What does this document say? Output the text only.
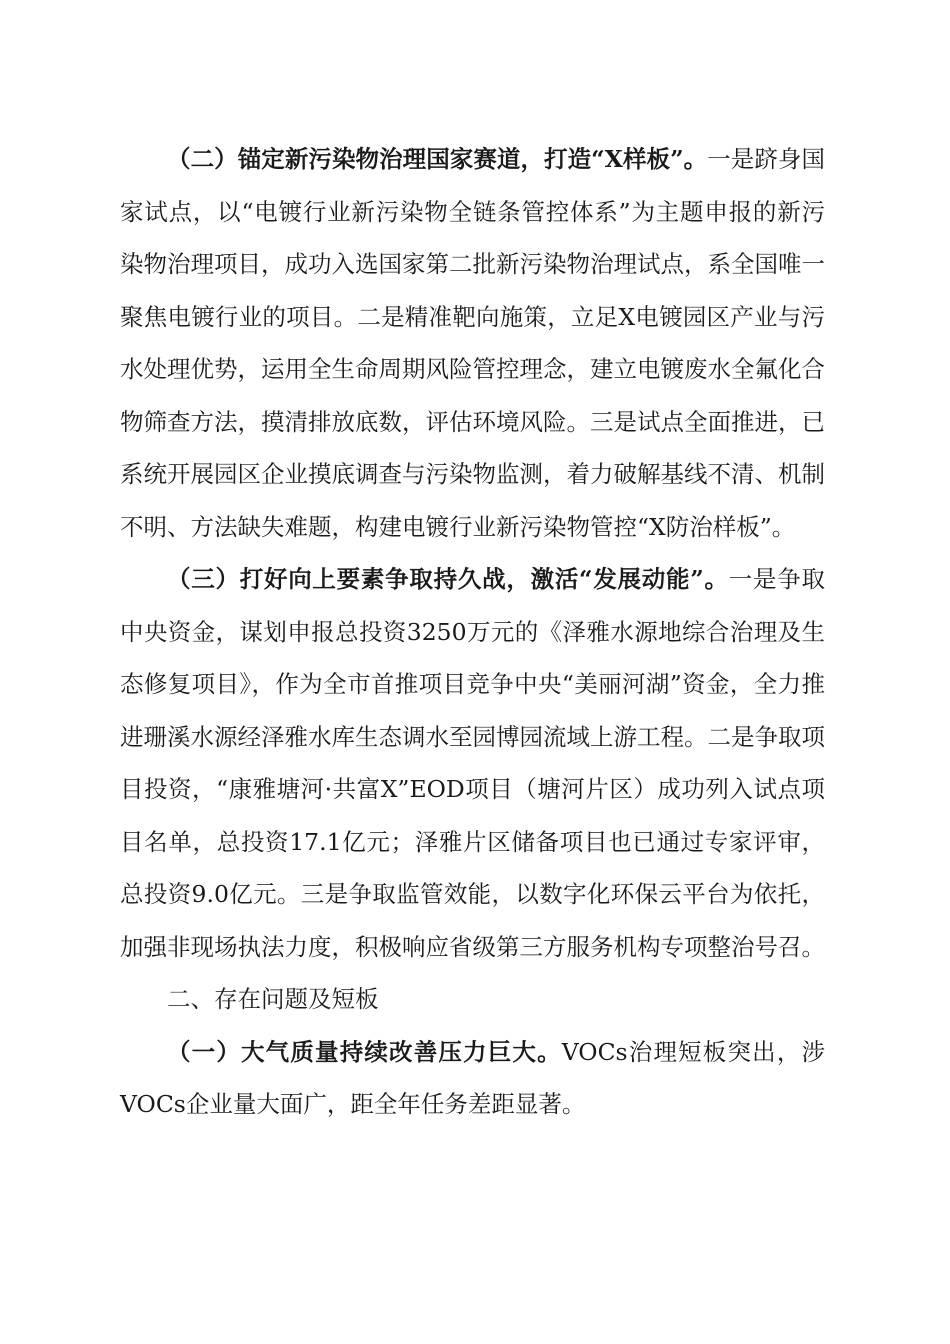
（二）锚定新污染物治理国家赛道，打造“X样板”。一是跻身国家试点，以“电镀行业新污染物全链条管控体系”为主题申报的新污染物治理项目，成功入选国家第二批新污染物治理试点，系全国唯一聚焦电镀行业的项目。二是精准靶向施策，立足X电镀园区产业与污水处理优势，运用全生命周期风险管控理念，建立电镀废水全氟化合物筛查方法，摸清排放底数，评估环境风险。三是试点全面推进，已系统开展园区企业摸底调查与污染物监测，着力破解基线不清、机制不明、方法缺失难题，构建电镀行业新污染物管控“X防治样板”。

（三）打好向上要素争取持久战，激活“发展动能”。一是争取中央资金，谋划申报总投资3250万元的《泽雅水源地综合治理及生态修复项目》，作为全市首推项目竞争中央“美丽河湖”资金，全力推进珊溪水源经泽雅水库生态调水至园博园流域上游工程。二是争取项目投资，“康雅塘河·共富X”EOD项目（塘河片区）成功列入试点项目名单，总投资17.1亿元；泽雅片区储备项目也已通过专家评审，总投资9.0亿元。三是争取监管效能，以数字化环保云平台为依托，加强非现场执法力度，积极响应省级第三方服务机构专项整治号召。

二、存在问题及短板

（一）大气质量持续改善压力巨大。VOCs治理短板突出，涉VOCs企业量大面广，距全年任务差距显著。
